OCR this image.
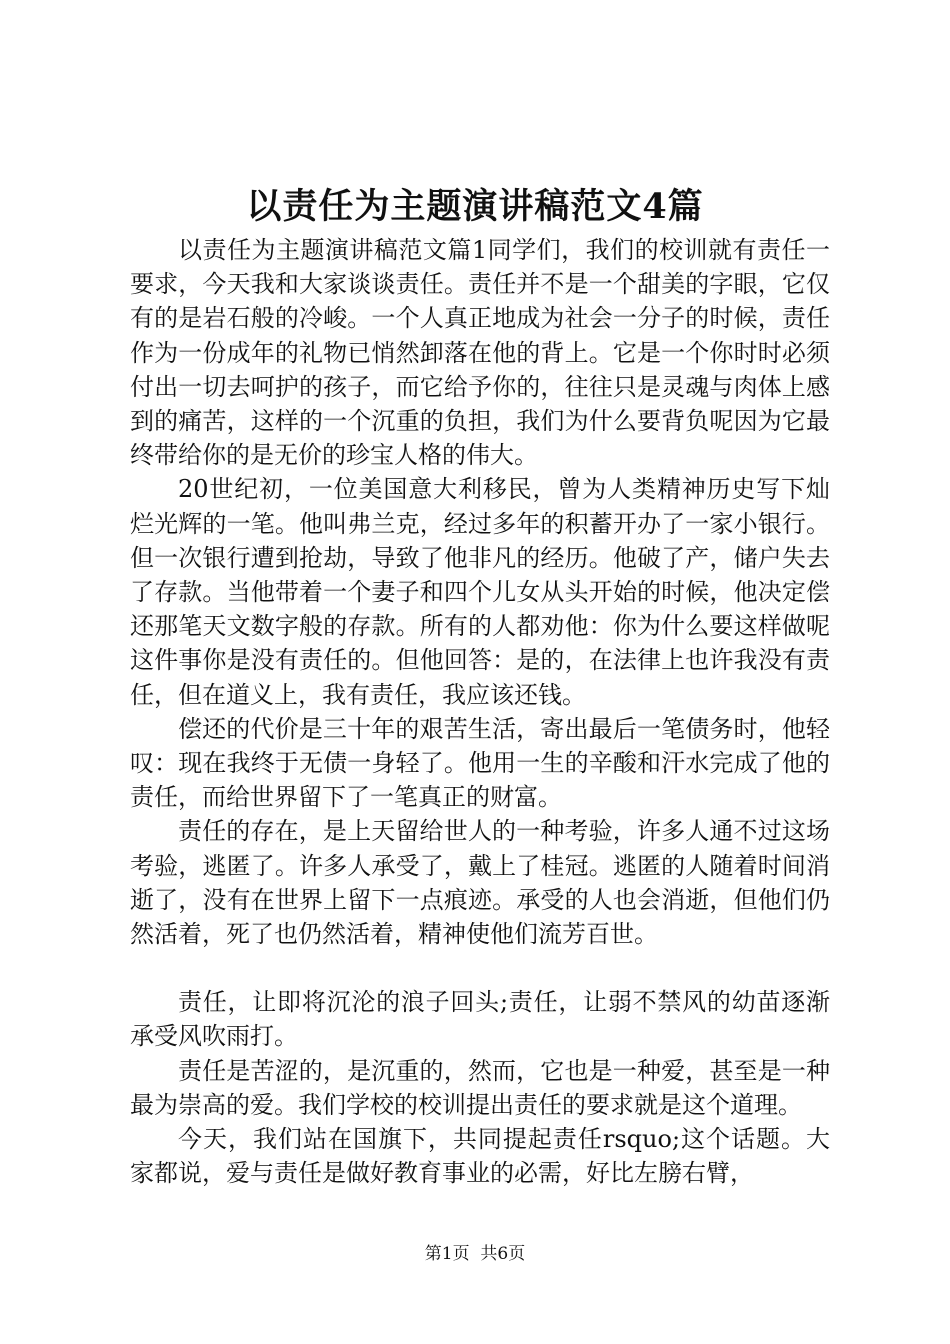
以责任为主题演讲稿范文4篇

以责任为主题演讲稿范文篇1同学们，我们的校训就有责任一要求，今天我和大家谈谈责任。责任并不是一个甜美的字眼，它仅有的是岩石般的冷峻。一个人真正地成为社会一分子的时候，责任作为一份成年的礼物已悄然卸落在他的背上。它是一个你时时必须付出一切去呵护的孩子，而它给予你的，往往只是灵魂与肉体上感到的痛苦，这样的一个沉重的负担，我们为什么要背负呢因为它最终带给你的是无价的珍宝人格的伟大。

20世纪初，一位美国意大利移民，曾为人类精神历史写下灿烂光辉的一笔。他叫弗兰克，经过多年的积蓄开办了一家小银行。但一次银行遭到抢劫，导致了他非凡的经历。他破了产，储户失去了存款。当他带着一个妻子和四个儿女从头开始的时候，他决定偿还那笔天文数字般的存款。所有的人都劝他：你为什么要这样做呢这件事你是没有责任的。但他回答：是的，在法律上也许我没有责任，但在道义上，我有责任，我应该还钱。

偿还的代价是三十年的艰苦生活，寄出最后一笔债务时，他轻叹：现在我终于无债一身轻了。他用一生的辛酸和汗水完成了他的责任，而给世界留下了一笔真正的财富。

责任的存在，是上天留给世人的一种考验，许多人通不过这场考验，逃匿了。许多人承受了，戴上了桂冠。逃匿的人随着时间消逝了，没有在世界上留下一点痕迹。承受的人也会消逝，但他们仍然活着，死了也仍然活着，精神使他们流芳百世。

责任，让即将沉沦的浪子回头;责任，让弱不禁风的幼苗逐渐承受风吹雨打。

责任是苦涩的，是沉重的，然而，它也是一种爱，甚至是一种最为崇高的爱。我们学校的校训提出责任的要求就是这个道理。

今天，我们站在国旗下，共同提起责任rsquo;这个话题。大家都说，爱与责任是做好教育事业的必需，好比左膀右臂，

第1页  共6页
